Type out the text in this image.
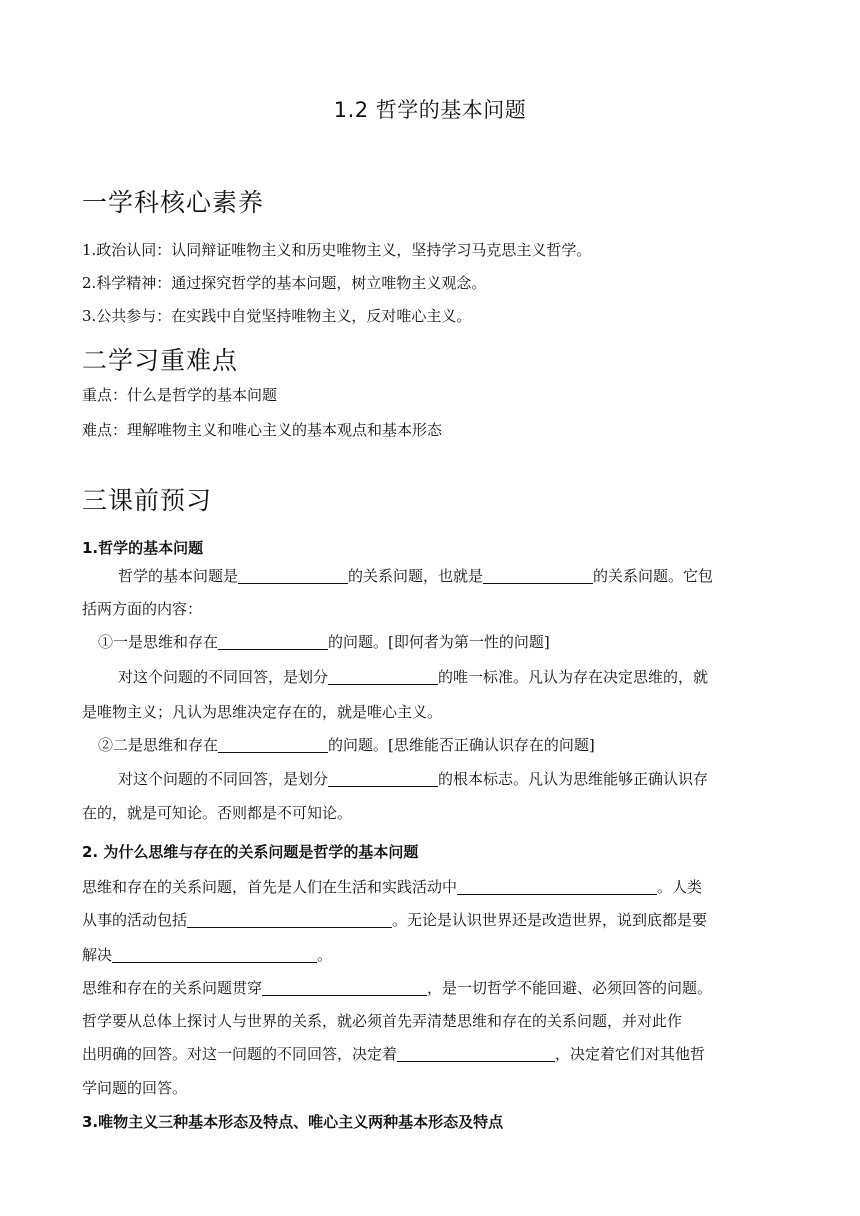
1.2 哲学的基本问题
一学科核心素养
1.政治认同：认同辩证唯物主义和历史唯物主义，坚持学习马克思主义哲学。
2.科学精神：通过探究哲学的基本问题，树立唯物主义观念。
3.公共参与：在实践中自觉坚持唯物主义，反对唯心主义。
二学习重难点
重点：什么是哲学的基本问题
难点：理解唯物主义和唯心主义的基本观点和基本形态
三课前预习
1.哲学的基本问题
哲学的基本问题是	的关系问题，也就是	的关系问题。它包
括两方面的内容：
①一是思维和存在	的问题。[即何者为第一性的问题]
对这个问题的不同回答，是划分	的唯一标准。凡认为存在决定思维的，就
是唯物主义；凡认为思维决定存在的，就是唯心主义。
②二是思维和存在	的问题。[思维能否正确认识存在的问题]
对这个问题的不同回答，是划分	的根本标志。凡认为思维能够正确认识存
在的，就是可知论。否则都是不可知论。
2. 为什么思维与存在的关系问题是哲学的基本问题
思维和存在的关系问题，首先是人们在生活和实践活动中	。人类
从事的活动包括	。无论是认识世界还是改造世界，说到底都是要
解决	。
思维和存在的关系问题贯穿	，是一切哲学不能回避、必须回答的问题。
哲学要从总体上探讨人与世界的关系，就必须首先弄清楚思维和存在的关系问题，并对此作
出明确的回答。对这一问题的不同回答，决定着	，决定着它们对其他哲
学问题的回答。
3.唯物主义三种基本形态及特点、唯心主义两种基本形态及特点
